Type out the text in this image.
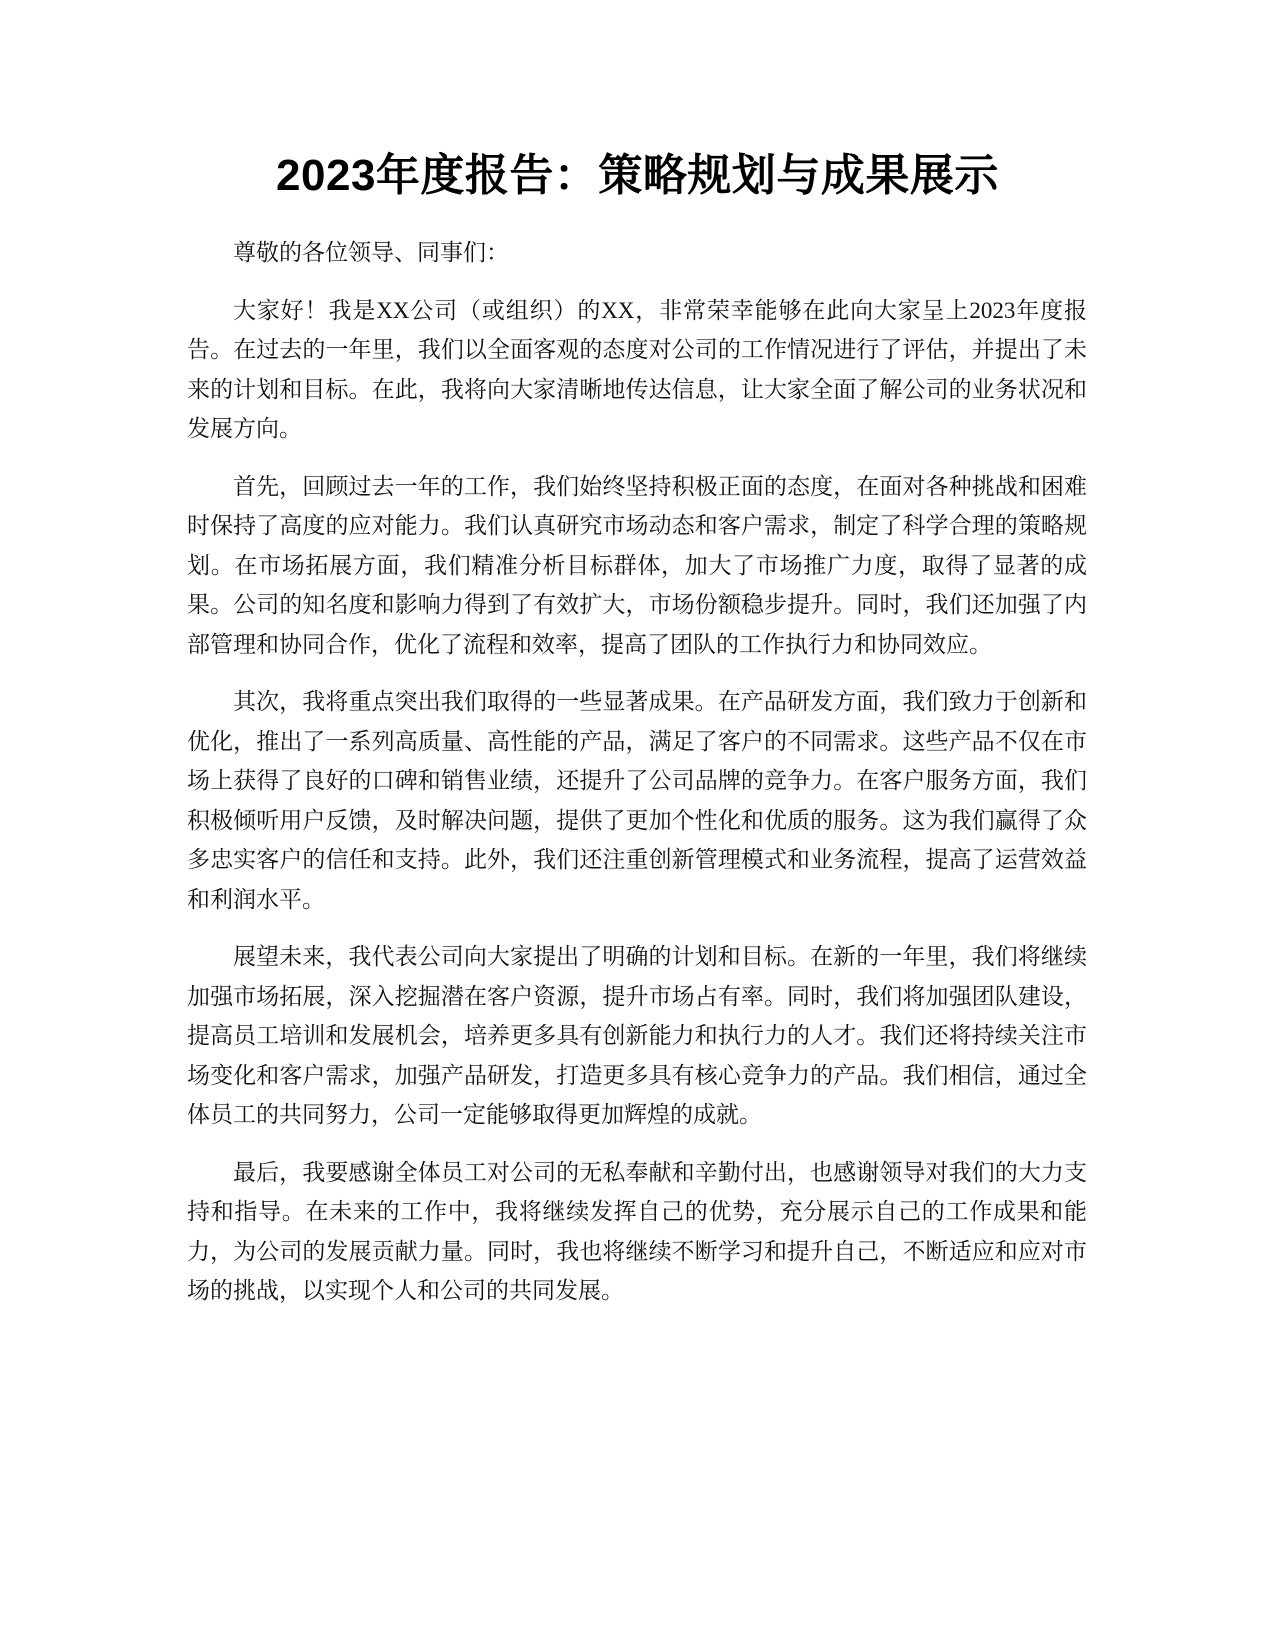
2023年度报告：策略规划与成果展示

尊敬的各位领导、同事们：

大家好！我是XX公司（或组织）的XX，非常荣幸能够在此向大家呈上2023年度报告。在过去的一年里，我们以全面客观的态度对公司的工作情况进行了评估，并提出了未来的计划和目标。在此，我将向大家清晰地传达信息，让大家全面了解公司的业务状况和发展方向。

首先，回顾过去一年的工作，我们始终坚持积极正面的态度，在面对各种挑战和困难时保持了高度的应对能力。我们认真研究市场动态和客户需求，制定了科学合理的策略规划。在市场拓展方面，我们精准分析目标群体，加大了市场推广力度，取得了显著的成果。公司的知名度和影响力得到了有效扩大，市场份额稳步提升。同时，我们还加强了内部管理和协同合作，优化了流程和效率，提高了团队的工作执行力和协同效应。

其次，我将重点突出我们取得的一些显著成果。在产品研发方面，我们致力于创新和优化，推出了一系列高质量、高性能的产品，满足了客户的不同需求。这些产品不仅在市场上获得了良好的口碑和销售业绩，还提升了公司品牌的竞争力。在客户服务方面，我们积极倾听用户反馈，及时解决问题，提供了更加个性化和优质的服务。这为我们赢得了众多忠实客户的信任和支持。此外，我们还注重创新管理模式和业务流程，提高了运营效益和利润水平。

展望未来，我代表公司向大家提出了明确的计划和目标。在新的一年里，我们将继续加强市场拓展，深入挖掘潜在客户资源，提升市场占有率。同时，我们将加强团队建设，提高员工培训和发展机会，培养更多具有创新能力和执行力的人才。我们还将持续关注市场变化和客户需求，加强产品研发，打造更多具有核心竞争力的产品。我们相信，通过全体员工的共同努力，公司一定能够取得更加辉煌的成就。

最后，我要感谢全体员工对公司的无私奉献和辛勤付出，也感谢领导对我们的大力支持和指导。在未来的工作中，我将继续发挥自己的优势，充分展示自己的工作成果和能力，为公司的发展贡献力量。同时，我也将继续不断学习和提升自己，不断适应和应对市场的挑战，以实现个人和公司的共同发展。
